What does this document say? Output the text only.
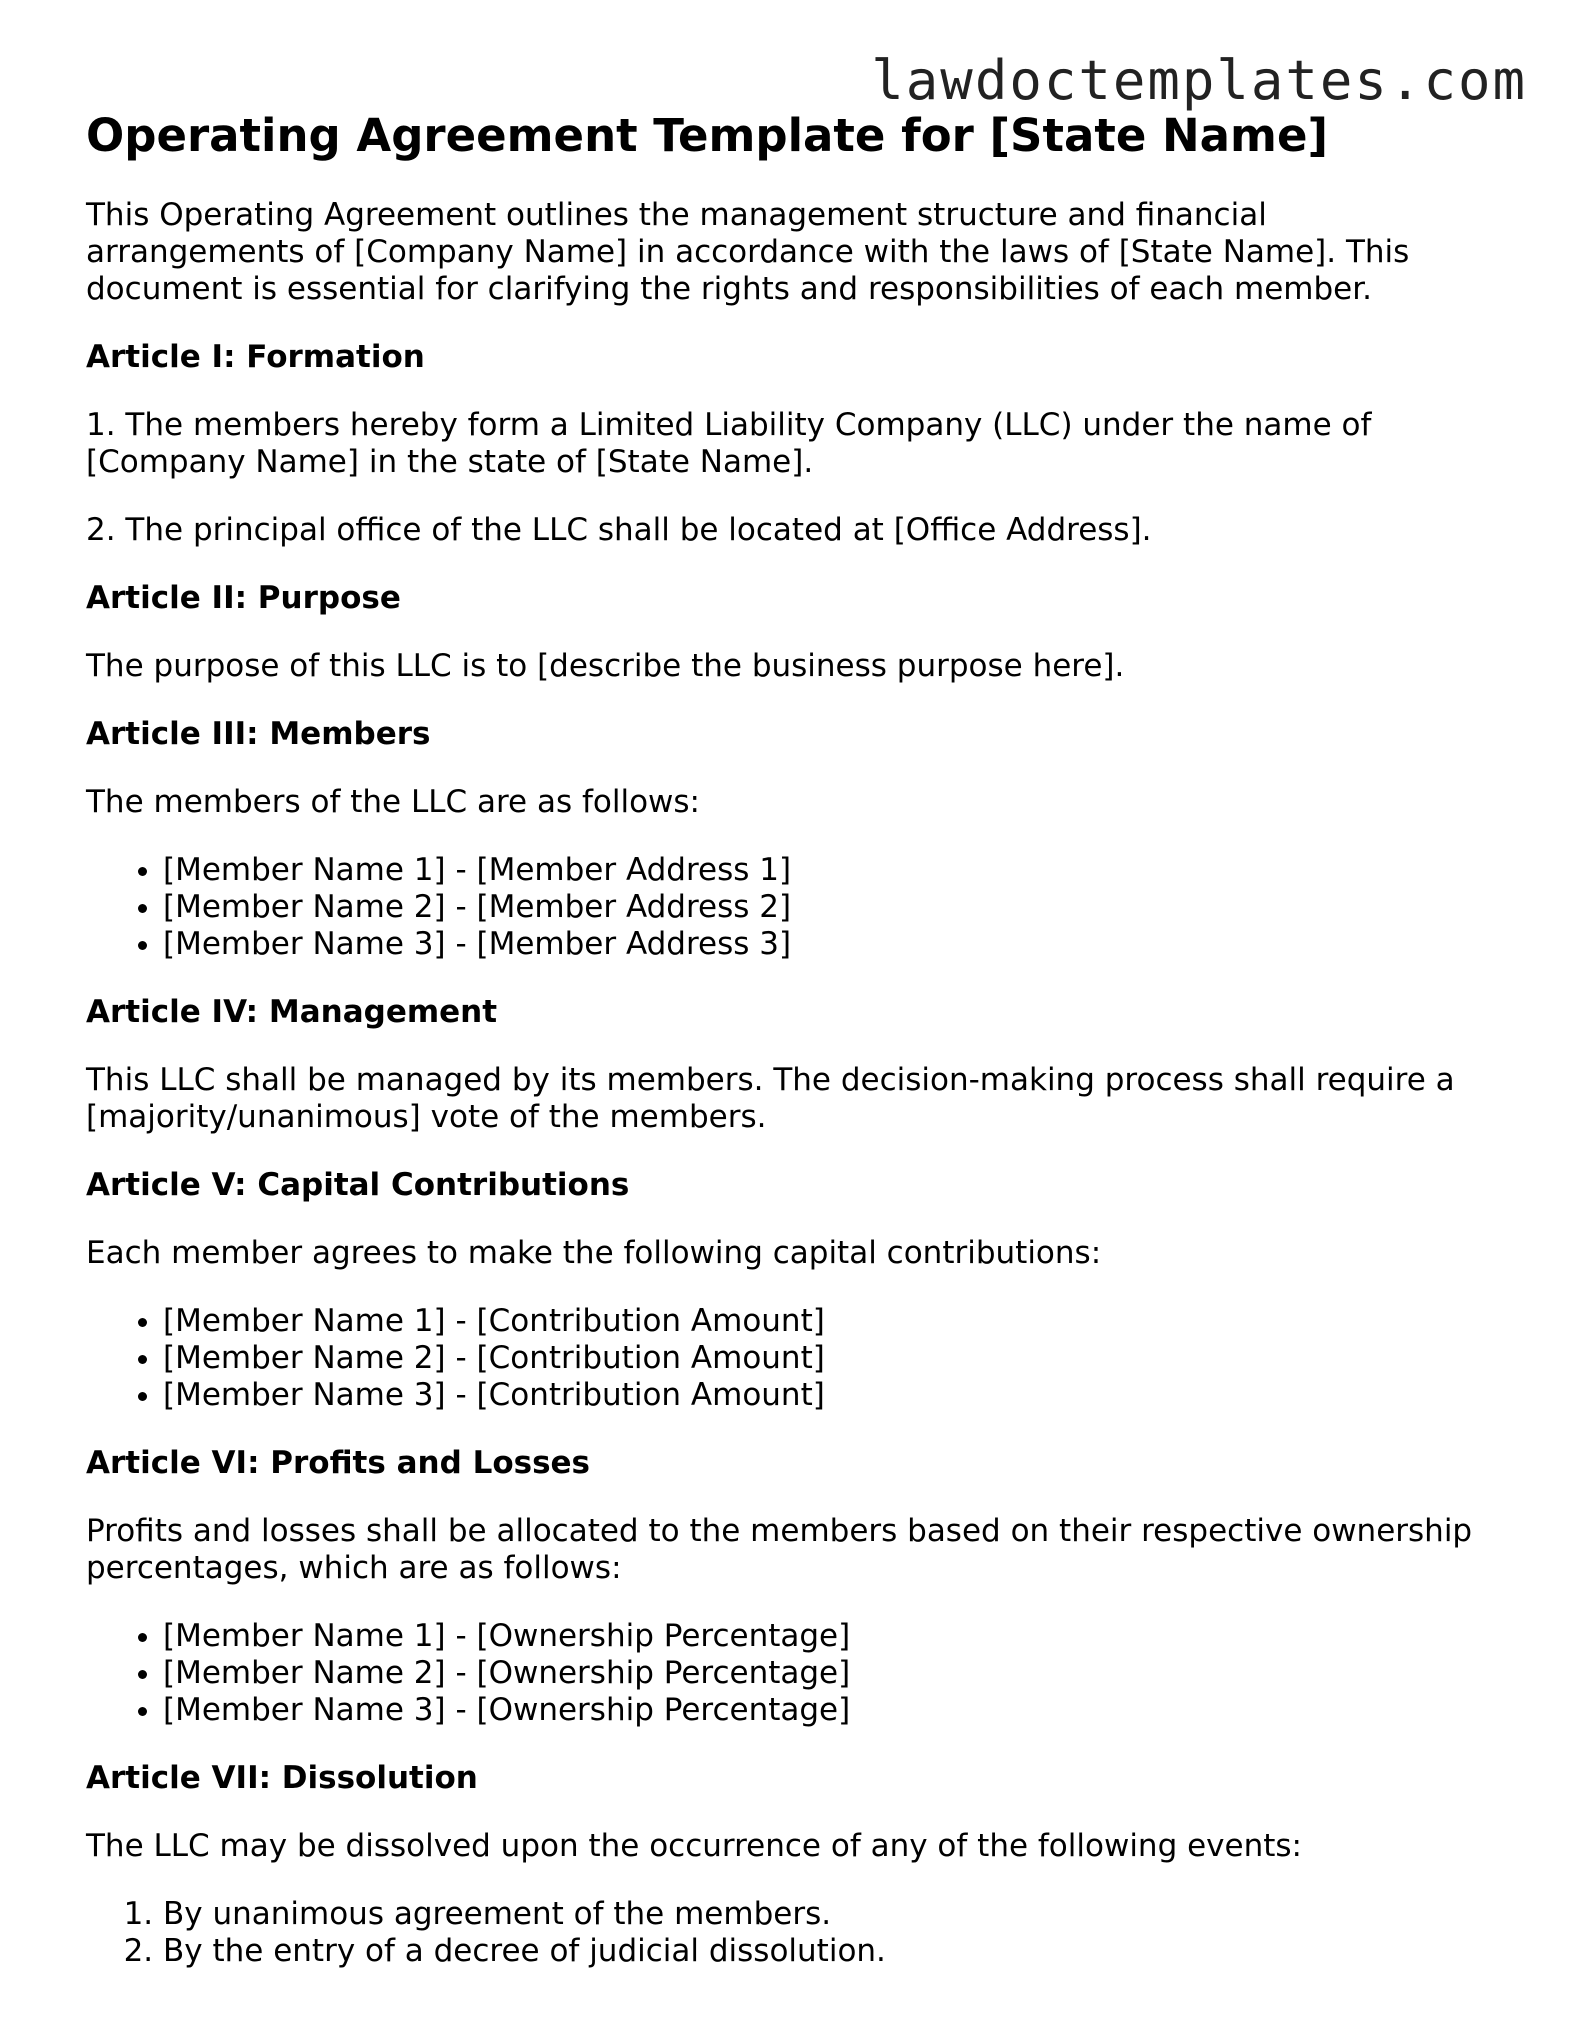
lawdoctemplates.com
Operating Agreement Template for [State Name]

This Operating Agreement outlines the management structure and financial arrangements of [Company Name] in accordance with the laws of [State Name]. This document is essential for clarifying the rights and responsibilities of each member.

Article I: Formation

1. The members hereby form a Limited Liability Company (LLC) under the name of [Company Name] in the state of [State Name].

2. The principal office of the LLC shall be located at [Office Address].

Article II: Purpose

The purpose of this LLC is to [describe the business purpose here].

Article III: Members

The members of the LLC are as follows:

• [Member Name 1] - [Member Address 1]
• [Member Name 2] - [Member Address 2]
• [Member Name 3] - [Member Address 3]
Article IV: Management

This LLC shall be managed by its members. The decision-making process shall require a [majority/unanimous] vote of the members.

Article V: Capital Contributions

Each member agrees to make the following capital contributions:

• [Member Name 1] - [Contribution Amount]
• [Member Name 2] - [Contribution Amount]
• [Member Name 3] - [Contribution Amount]
Article VI: Profits and Losses

Profits and losses shall be allocated to the members based on their respective ownership percentages, which are as follows:

• [Member Name 1] - [Ownership Percentage]
• [Member Name 2] - [Ownership Percentage]
• [Member Name 3] - [Ownership Percentage]
Article VII: Dissolution

The LLC may be dissolved upon the occurrence of any of the following events:

1. By unanimous agreement of the members.
2. By the entry of a decree of judicial dissolution.
